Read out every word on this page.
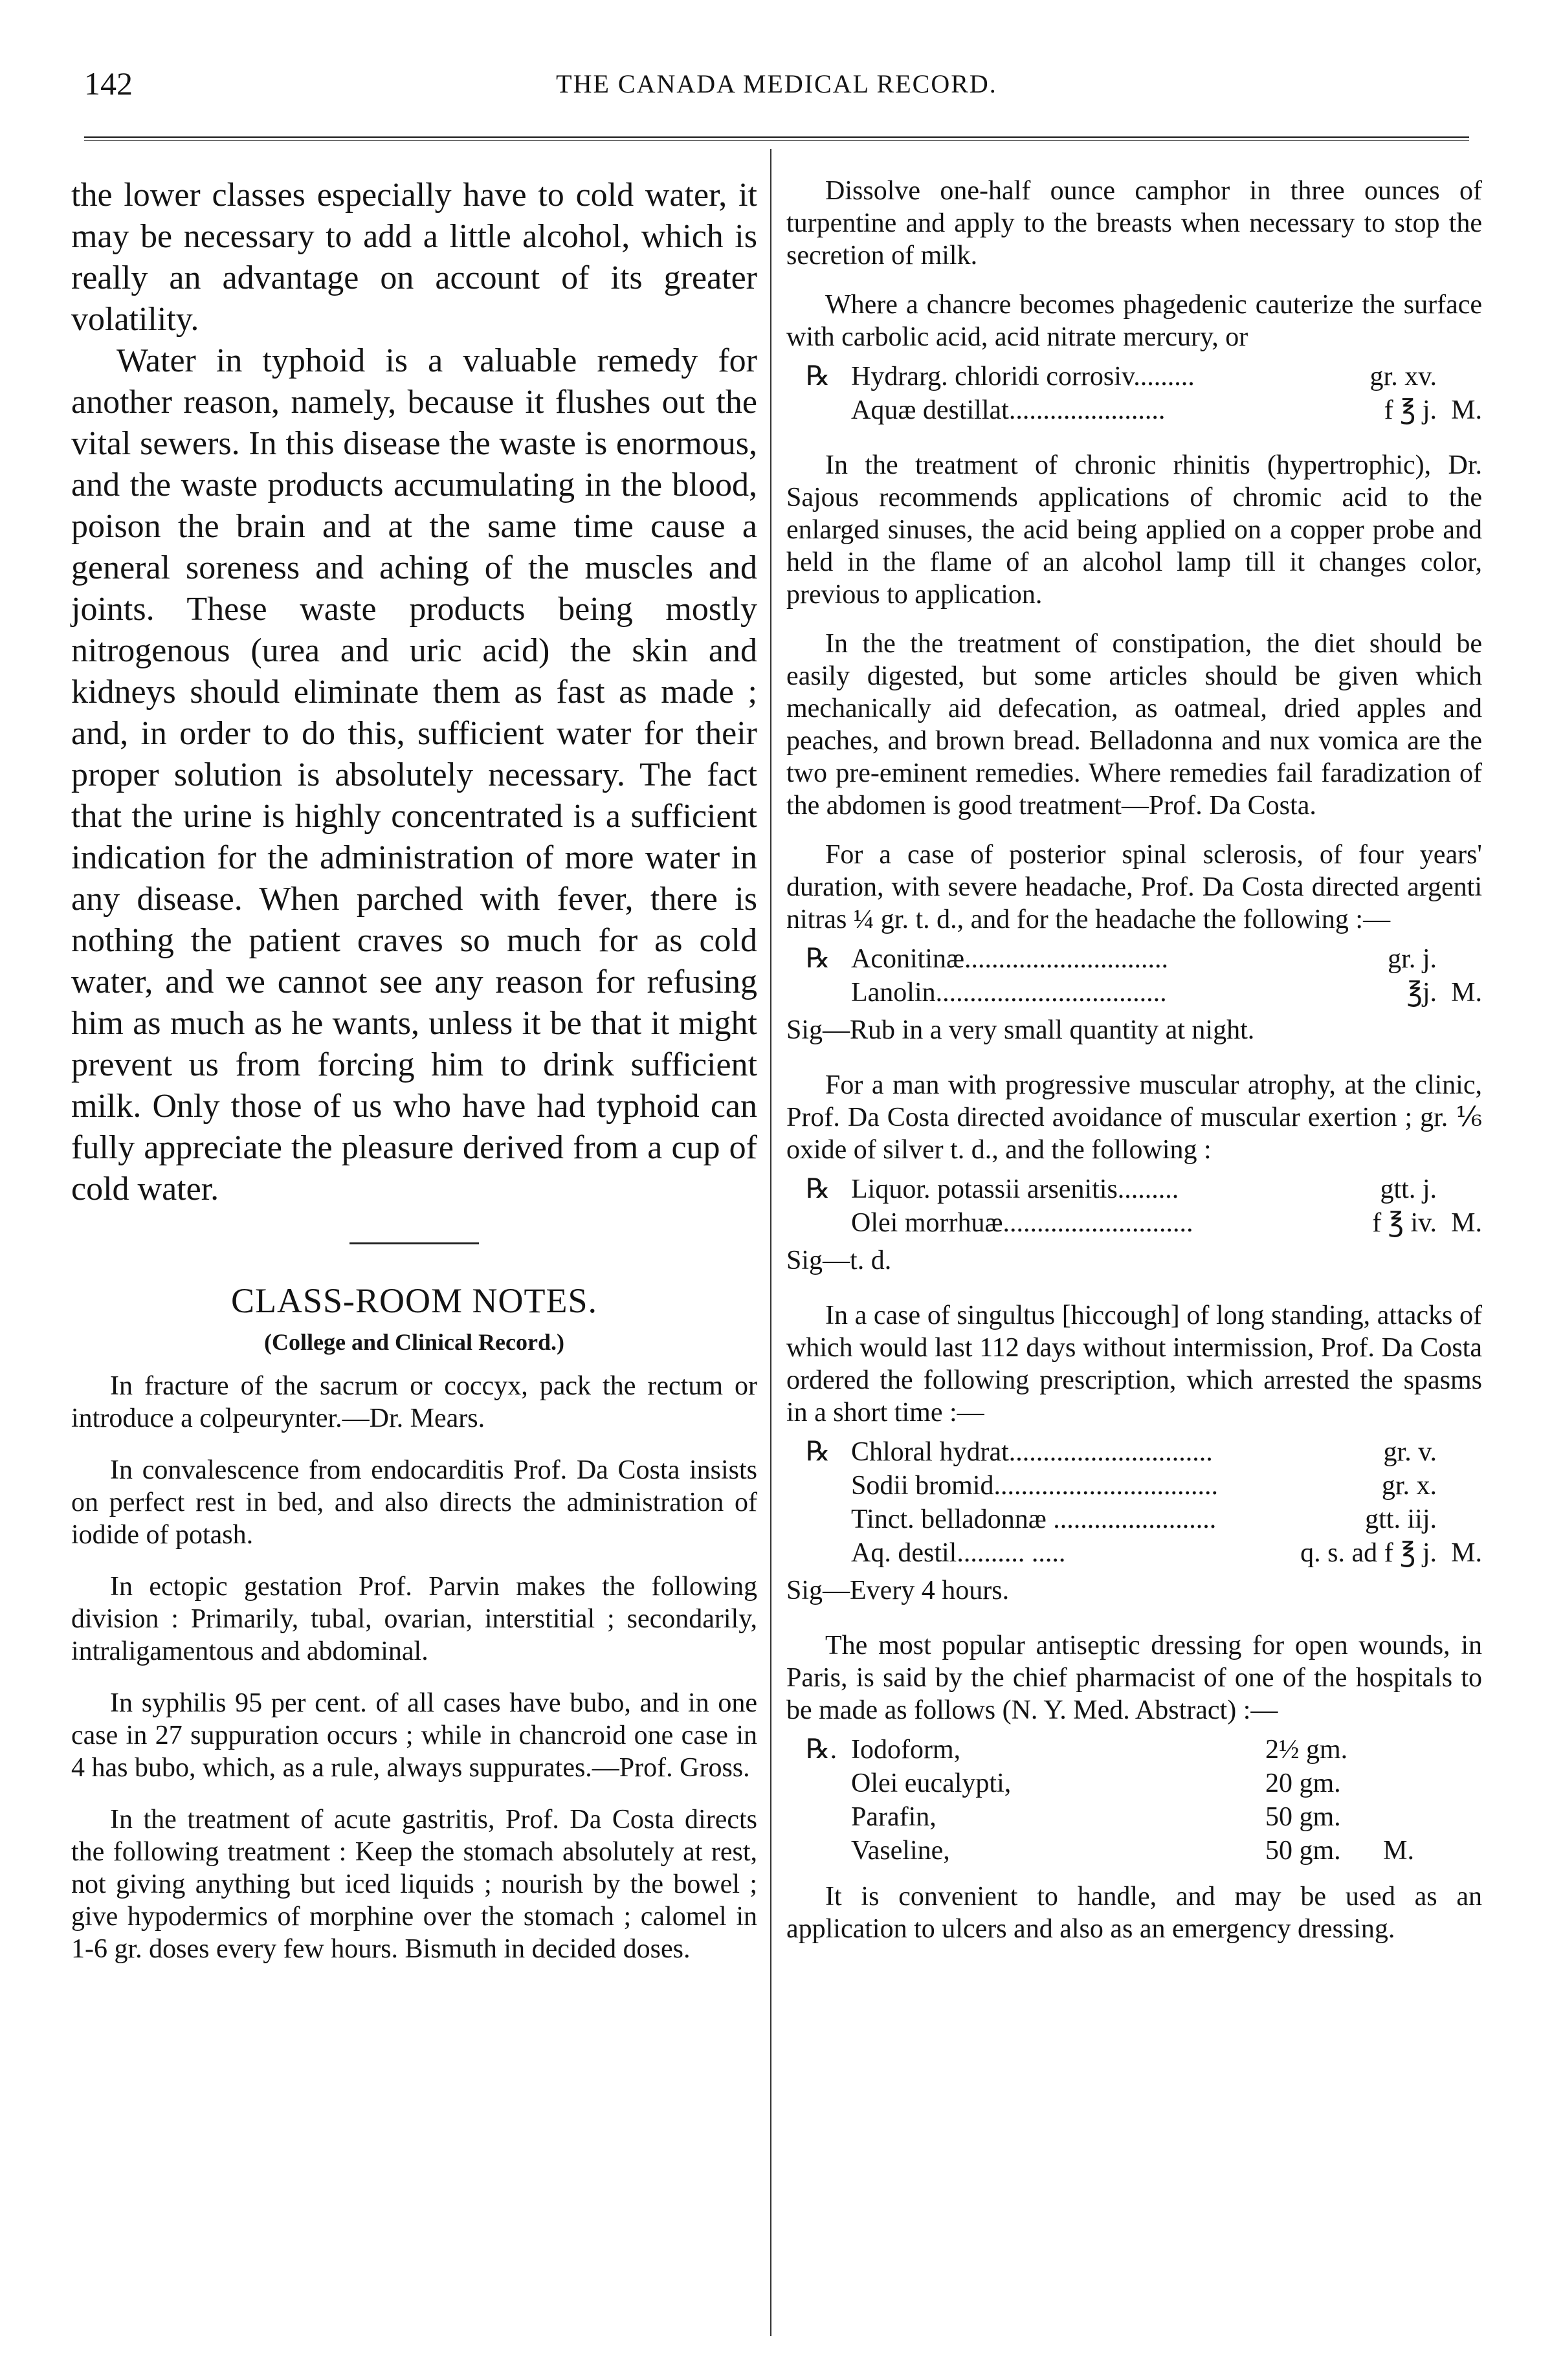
142	THE CANADA MEDICAL RECORD.

the lower classes especially have to cold water, it may be necessary to add a little alcohol, which is really an advantage on account of its greater volatility.

Water in typhoid is a valuable remedy for another reason, namely, because it flushes out the vital sewers. In this disease the waste is enormous, and the waste products accumulating in the blood, poison the brain and at the same time cause a general soreness and aching of the muscles and joints. These waste products being mostly nitrogenous (urea and uric acid) the skin and kidneys should eliminate them as fast as made ; and, in order to do this, sufficient water for their proper solution is absolutely necessary. The fact that the urine is highly concentrated is a sufficient indication for the administration of more water in any disease. When parched with fever, there is nothing the patient craves so much for as cold water, and we cannot see any reason for refusing him as much as he wants, unless it be that it might prevent us from forcing him to drink sufficient milk. Only those of us who have had typhoid can fully appreciate the pleasure derived from a cup of cold water.

CLASS-ROOM NOTES.
(College and Clinical Record.)

In fracture of the sacrum or coccyx, pack the rectum or introduce a colpeurynter.—Dr. Mears.

In convalescence from endocarditis Prof. Da Costa insists on perfect rest in bed, and also directs the administration of iodide of potash.

In ectopic gestation Prof. Parvin makes the following division : Primarily, tubal, ovarian, interstitial ; secondarily, intraligamentous and abdominal.

In syphilis 95 per cent. of all cases have bubo, and in one case in 27 suppuration occurs ; while in chancroid one case in 4 has bubo, which, as a rule, always suppurates.—Prof. Gross.

In the treatment of acute gastritis, Prof. Da Costa directs the following treatment : Keep the stomach absolutely at rest, not giving anything but iced liquids ; nourish by the bowel ; give hypodermics of morphine over the stomach ; calomel in 1-6 gr. doses every few hours. Bismuth in decided doses.

Dissolve one-half ounce camphor in three ounces of turpentine and apply to the breasts when necessary to stop the secretion of milk.

Where a chancre becomes phagedenic cauterize the surface with carbolic acid, acid nitrate mercury, or

℞ Hydrarg. chloridi corrosiv.........	gr. xv.
Aquæ destillat.......................	f ℥ j. M.

In the treatment of chronic rhinitis (hypertrophic), Dr. Sajous recommends applications of chromic acid to the enlarged sinuses, the acid being applied on a copper probe and held in the flame of an alcohol lamp till it changes color, previous to application.

In the the treatment of constipation, the diet should be easily digested, but some articles should be given which mechanically aid defecation, as oatmeal, dried apples and peaches, and brown bread. Belladonna and nux vomica are the two pre-eminent remedies. Where remedies fail faradization of the abdomen is good treatment—Prof. Da Costa.

For a case of posterior spinal sclerosis, of four years' duration, with severe headache, Prof. Da Costa directed argenti nitras ¼ gr. t. d., and for the headache the following :—

℞ Aconitinæ..............................	gr. j.
Lanolin..................................	℥j. M.
Sig—Rub in a very small quantity at night.

For a man with progressive muscular atrophy, at the clinic, Prof. Da Costa directed avoidance of muscular exertion ; gr. ⅙ oxide of silver t. d., and the following :

℞ Liquor. potassii arsenitis.........	gtt. j.
Olei morrhuæ............................	f ℥ iv. M.
Sig—t. d.

In a case of singultus [hiccough] of long standing, attacks of which would last 112 days without intermission, Prof. Da Costa ordered the following prescription, which arrested the spasms in a short time :—

℞ Chloral hydrat..............................	gr. v.
Sodii bromid.................................	gr. x.
Tinct. belladonnæ ........................	gtt. iij.
Aq. destil.......... .....	q. s. ad f ℥ j. M.
Sig—Every 4 hours.

The most popular antiseptic dressing for open wounds, in Paris, is said by the chief pharmacist of one of the hospitals to be made as follows (N. Y. Med. Abstract) :—

℞. Iodoform,	2½ gm.
Olei eucalypti,	20 gm.
Parafin,	50 gm.
Vaseline,	50 gm.	M.

It is convenient to handle, and may be used as an application to ulcers and also as an emergency dressing.
